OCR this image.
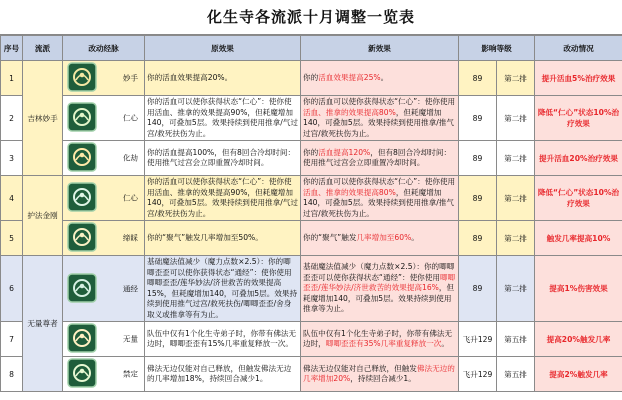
化生寺各流派十月调整一览表
序号	流派	改动经脉	原效果	新效果	影响等级		改动情况
1	吉林妙手	妙手	你的活血效果提高20%。	你的活血效果提高25%。	89	第二排	提升活血5%治疗效果
2		仁心	你的活血可以使你获得状态“仁心”：使你使用活血、推拿的效果提高90%，但耗魔增加140，可叠加5层。效果持续到使用推拿/气过宫/救死扶伤为止。	你的活血可以使你获得状态“仁心”：使你使用活血、推拿的效果提高80%，但耗魔增加140，可叠加5层。效果持续到使用推拿/推气过宫/救死扶伤为止。	89	第二排	降低“仁心”状态10%治疗效果
3		化劫	你的活血提高100%，但有8回合冷却时间：使用推气过宫会立即重置冷却时间。	你的活血提高120%，但有8回合冷却时间：使用推气过宫会立即重置冷却时间。	89	第二排	提升活血20%治疗效果
4	护法金刚	仁心	你的活血可以使你获得状态“仁心”：使你使用活血、推拿的效果提高90%，但耗魔增加140，可叠加5层。效果持续到使用推拿/气过宫/救死扶伤为止。	你的活血可以使你获得状态“仁心”：使你使用活血、推拿的效果提高80%，但耗魔增加140，可叠加5层。效果持续到使用推拿/推气过宫/救死扶伤为止。	89	第二排	降低“仁心”状态10%治疗效果
5		缔睬	你的“聚气”触发几率增加至50%。	你的“聚气”触发几率增加至60%。	89	第二排	触发几率提高10%
6	无量尊者	通经	基础魔法值减少（魔力点数×2.5）：你的唧唧歪歪可以使你获得状态“通经”：使你使用唧唧歪歪/莲华妙法/济世救苦的效果提高15%，但耗魔增加140，可叠加5层。效果持续到使用推气过宫/救死扶伤/唧唧歪歪/舍身取义或推拿等有为止。	基础魔法值减少（魔力点数×2.5）：你的唧唧歪歪可以使你获得状态“通经”：使你使用唧唧歪歪/莲华妙法/济世救苦的效果提高16%，但耗魔增加140，可叠加5层。效果持续到使用推拿等为止。	89	第二排	提高1%伤害效果
7		无量	队伍中仅有1个化生寺弟子时，你带有佛法无边时，唧唧歪歪有15%几率重复释放一次。	队伍中仅有1个化生寺弟子时，你带有佛法无边时，唧唧歪歪有35%几率重复释放一次。	飞升129	第五排	提高20%触发几率
8		禁定	佛法无边仅能对自己释放，但触发佛法无边的几率增加18%，持续回合减少1。	佛法无边仅能对自己释放，但触发佛法无边的几率增加20%，持续回合减少1。	飞升129	第五排	提高2%触发几率
